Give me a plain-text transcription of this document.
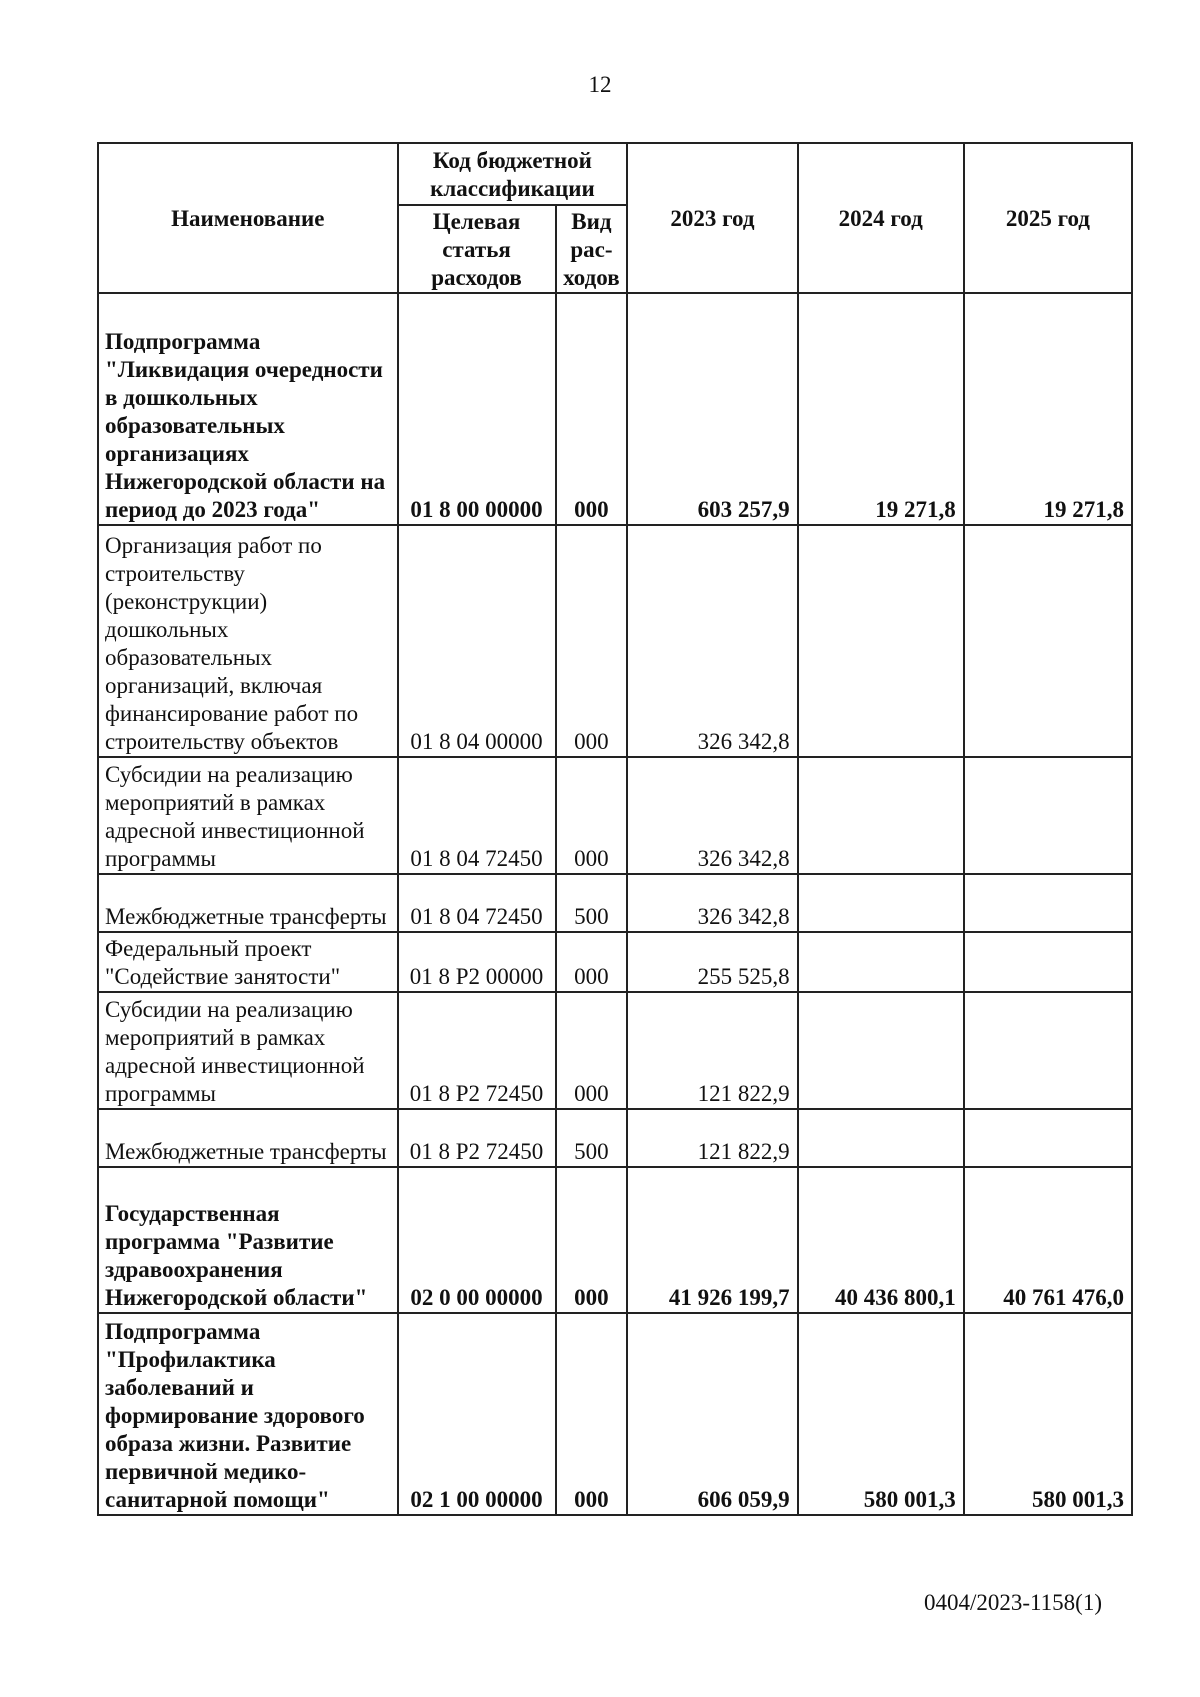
12
Наименование	Код бюджетной классификации		2023 год	2024 год	2025 год
	Целевая статья расходов	Вид рас-ходов			
Подпрограмма "Ликвидация очередности в дошкольных образовательных организациях Нижегородской области на период до 2023 года"	01 8 00 00000	000	603 257,9	19 271,8	19 271,8
Организация работ по строительству (реконструкции) дошкольных образовательных организаций, включая финансирование работ по строительству объектов	01 8 04 00000	000	326 342,8		
Субсидии на реализацию мероприятий в рамках адресной инвестиционной программы	01 8 04 72450	000	326 342,8		
Межбюджетные трансферты	01 8 04 72450	500	326 342,8		
Федеральный проект "Содействие занятости"	01 8 P2 00000	000	255 525,8		
Субсидии на реализацию мероприятий в рамках адресной инвестиционной программы	01 8 P2 72450	000	121 822,9		
Межбюджетные трансферты	01 8 P2 72450	500	121 822,9		
Государственная программа "Развитие здравоохранения Нижегородской области"	02 0 00 00000	000	41 926 199,7	40 436 800,1	40 761 476,0
Подпрограмма "Профилактика заболеваний и формирование здорового образа жизни. Развитие первичной медико-санитарной помощи"	02 1 00 00000	000	606 059,9	580 001,3	580 001,3
0404/2023-1158(1)
